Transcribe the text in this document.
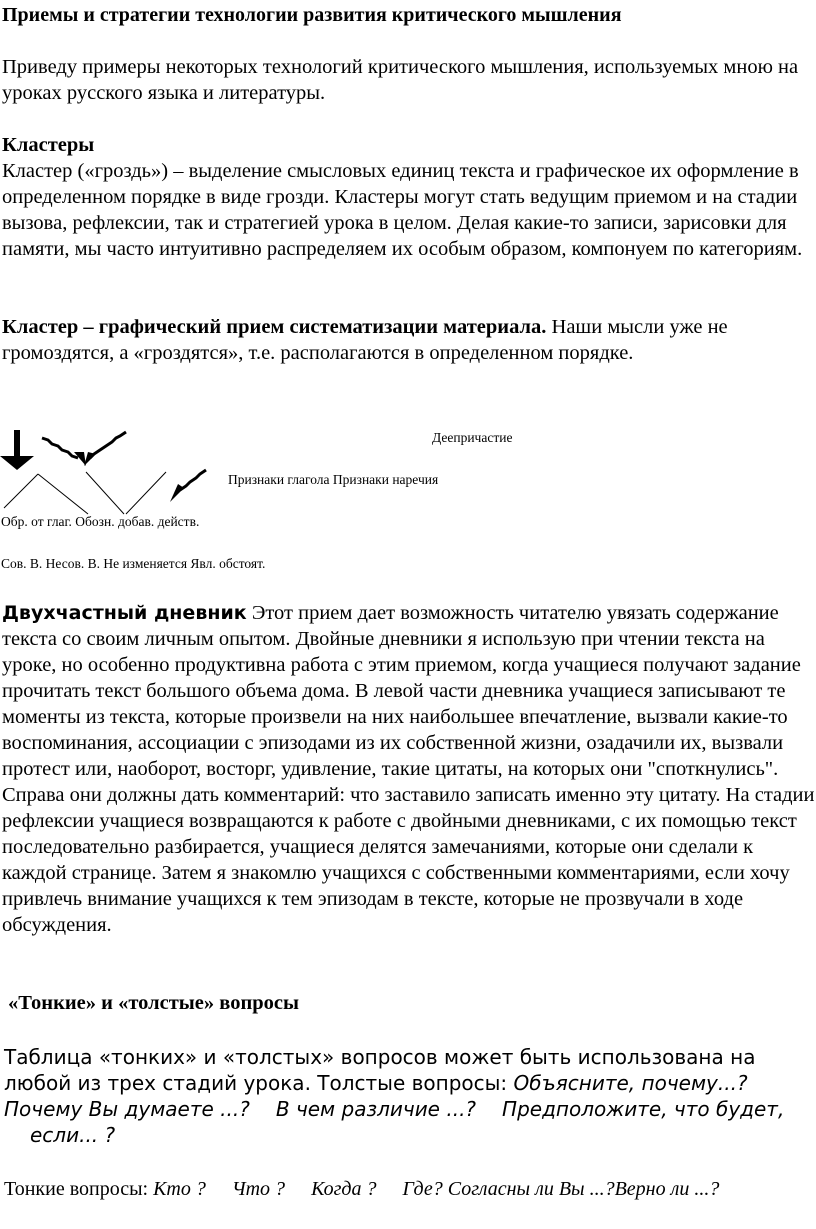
Приемы и стратегии технологии развития критического мышления
Приведу примеры некоторых технологий критического мышления, используемых мною на уроках русского языка и литературы.
Кластеры
Кластер («гроздь») – выделение смысловых единиц текста и графическое их оформление в определенном порядке в виде грозди. Кластеры могут стать ведущим приемом и на стадии вызова, рефлексии, так и стратегией урока в целом. Делая какие-то записи, зарисовки для памяти, мы часто интуитивно распределяем их особым образом, компонуем по категориям.
Кластер – графический прием систематизации материала. Наши мысли уже не громоздятся, а «гроздятся», т.е. располагаются в определенном порядке.
Деепричастие
Признаки глагола Признаки наречия
Обр. от глаг. Обозн. добав. действ.
Сов. В. Несов. В. Не изменяется Явл. обстоят.
Двухчастный дневник Этот прием дает возможность читателю увязать содержание текста со своим личным опытом. Двойные дневники я использую при чтении текста на уроке, но особенно продуктивна работа с этим приемом, когда учащиеся получают задание прочитать текст большого объема дома. В левой части дневника учащиеся записывают те моменты из текста, которые произвели на них наибольшее впечатление, вызвали какие-то воспоминания, ассоциации с эпизодами из их собственной жизни, озадачили их, вызвали протест или, наоборот, восторг, удивление, такие цитаты, на которых они "споткнулись". Справа они должны дать комментарий: что заставило записать именно эту цитату. На стадии рефлексии учащиеся возвращаются к работе с двойными дневниками, с их помощью текст последовательно разбирается, учащиеся делятся замечаниями, которые они сделали к каждой странице. Затем я знакомлю учащихся с собственными комментариями, если хочу привлечь внимание учащихся к тем эпизодам в тексте, которые не прозвучали в ходе обсуждения.
«Тонкие» и «толстые» вопросы
Таблица «тонких» и «толстых» вопросов может быть использована на любой из трех стадий урока. Толстые вопросы: Объясните, почему...?Почему Вы думаете ...? В чем различие ...? Предположите, что будет,если... ?
Тонкие вопросы: Кто ? Что ? Когда ? Где? Согласны ли Вы ...?Верно ли ...?
